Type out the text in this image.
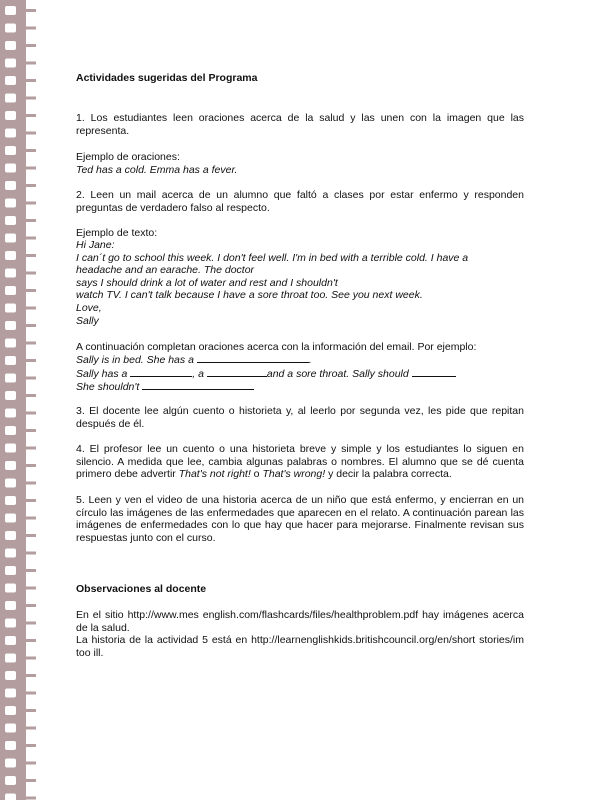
Actividades sugeridas del Programa
1. Los estudiantes leen oraciones acerca de la salud y las unen con la imagen que las representa.
Ejemplo de oraciones:
Ted has a cold. Emma has a fever.
2. Leen un mail acerca de un alumno que faltó a clases por estar enfermo y responden preguntas de verdadero falso al respecto.
Ejemplo de texto:
Hi Jane:
I can´t go to school this week. I don't feel well. I'm in bed with a terrible cold. I have a
headache and an earache. The doctor
says I should drink a lot of water and rest and I shouldn't
watch TV. I can't talk because I have a sore throat too. See you next week.
Love,
Sally
A continuación completan oraciones acerca con la información del email. Por ejemplo:
Sally is in bed. She has a	.
Sally has a	, a	and a sore throat. Sally should
She shouldn't
3. El docente lee algún cuento o historieta y, al leerlo por segunda vez, les pide que repitan después de él.
4. El profesor lee un cuento o una historieta breve y simple y los estudiantes lo siguen en silencio. A medida que lee, cambia algunas palabras o nombres. El alumno que se dé cuenta primero debe advertir That's not right! o That's wrong! y decir la palabra correcta.
5. Leen y ven el video de una historia acerca de un niño que está enfermo, y encierran en un círculo las imágenes de las enfermedades que aparecen en el relato. A continuación parean las imágenes de enfermedades con lo que hay que hacer para mejorarse. Finalmente revisan sus respuestas junto con el curso.
Observaciones al docente
En el sitio http://www.mes english.com/flashcards/files/healthproblem.pdf hay imágenes acerca de la salud.
La historia de la actividad 5 está en http://learnenglishkids.britishcouncil.org/en/short stories/im too ill.
